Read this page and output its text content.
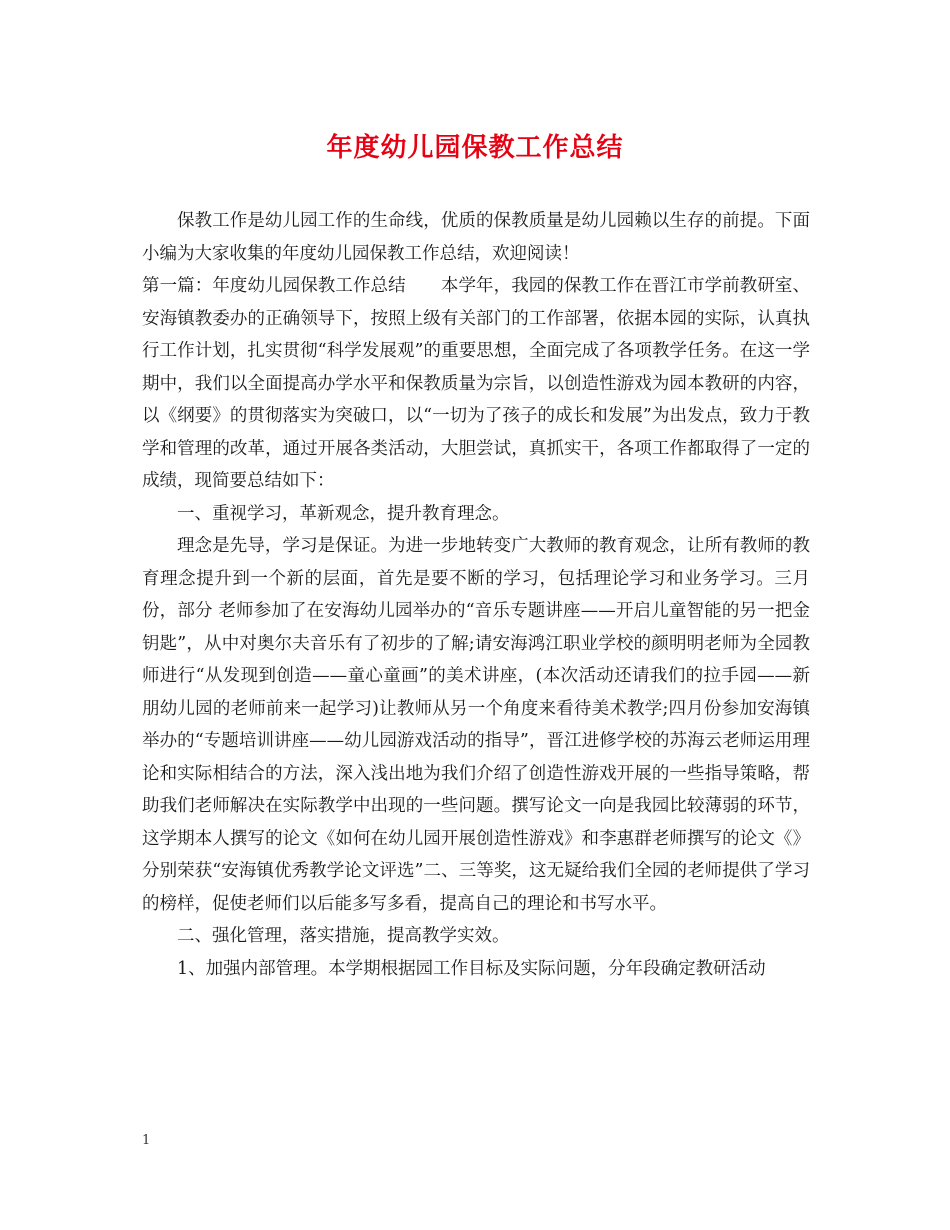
年度幼儿园保教工作总结

保教工作是幼儿园工作的生命线，优质的保教质量是幼儿园赖以生存的前提。下面小编为大家收集的年度幼儿园保教工作总结，欢迎阅读！

第一篇：年度幼儿园保教工作总结　　本学年，我园的保教工作在晋江市学前教研室、安海镇教委办的正确领导下，按照上级有关部门的工作部署，依据本园的实际，认真执行工作计划，扎实贯彻“科学发展观”的重要思想，全面完成了各项教学任务。在这一学期中，我们以全面提高办学水平和保教质量为宗旨，以创造性游戏为园本教研的内容，以《纲要》的贯彻落实为突破口，以“一切为了孩子的成长和发展”为出发点，致力于教学和管理的改革，通过开展各类活动，大胆尝试，真抓实干，各项工作都取得了一定的成绩，现简要总结如下：

一、重视学习，革新观念，提升教育理念。

理念是先导，学习是保证。为进一步地转变广大教师的教育观念，让所有教师的教育理念提升到一个新的层面，首先是要不断的学习，包括理论学习和业务学习。三月份，部分 老师参加了在安海幼儿园举办的“音乐专题讲座——开启儿童智能的另一把金钥匙”，从中对奥尔夫音乐有了初步的了解;请安海鸿江职业学校的颜明明老师为全园教师进行“从发现到创造——童心童画”的美术讲座，(本次活动还请我们的拉手园——新朋幼儿园的老师前来一起学习)让教师从另一个角度来看待美术教学;四月份参加安海镇举办的“专题培训讲座——幼儿园游戏活动的指导”，晋江进修学校的苏海云老师运用理论和实际相结合的方法，深入浅出地为我们介绍了创造性游戏开展的一些指导策略，帮助我们老师解决在实际教学中出现的一些问题。撰写论文一向是我园比较薄弱的环节，这学期本人撰写的论文《如何在幼儿园开展创造性游戏》和李惠群老师撰写的论文《》分别荣获“安海镇优秀教学论文评选”二、三等奖，这无疑给我们全园的老师提供了学习的榜样，促使老师们以后能多写多看，提高自己的理论和书写水平。

二、强化管理，落实措施，提高教学实效。

1、加强内部管理。本学期根据园工作目标及实际问题，分年段确定教研活动

1
